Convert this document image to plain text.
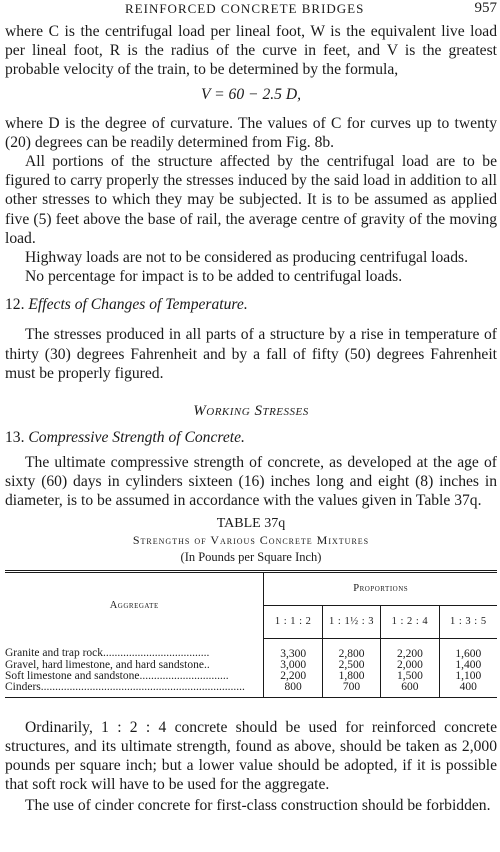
REINFORCED CONCRETE BRIDGES	957

where C is the centrifugal load per lineal foot, W is the equivalent live load per lineal foot, R is the radius of the curve in feet, and V is the greatest probable velocity of the train, to be determined by the formula,

V = 60 − 2.5 D,

where D is the degree of curvature. The values of C for curves up to twenty (20) degrees can be readily determined from Fig. 8b.

All portions of the structure affected by the centrifugal load are to be figured to carry properly the stresses induced by the said load in addition to all other stresses to which they may be subjected. It is to be assumed as applied five (5) feet above the base of rail, the average centre of gravity of the moving load.

Highway loads are not to be considered as producing centrifugal loads.

No percentage for impact is to be added to centrifugal loads.

12. Effects of Changes of Temperature.

The stresses produced in all parts of a structure by a rise in temperature of thirty (30) degrees Fahrenheit and by a fall of fifty (50) degrees Fahrenheit must be properly figured.

Working Stresses
13. Compressive Strength of Concrete.

The ultimate compressive strength of concrete, as developed at the age of sixty (60) days in cylinders sixteen (16) inches long and eight (8) inches in diameter, is to be assumed in accordance with the values given in Table 37q.

TABLE 37q
Strengths of Various Concrete Mixtures
(In Pounds per Square Inch)
Aggregate	Proportions			
	1 : 1 : 2	1 : 1½ : 3	1 : 2 : 4	1 : 3 : 5
Granite and trap rock.....................................	3,300	2,800	2,200	1,600
Gravel, hard limestone, and hard sandstone..	3,000	2,500	2,000	1,400
Soft limestone and sandstone...............................	2,200	1,800	1,500	1,100
Cinders.......................................................................	800	700	600	400

Ordinarily, 1 : 2 : 4 concrete should be used for reinforced concrete structures, and its ultimate strength, found as above, should be taken as 2,000 pounds per square inch; but a lower value should be adopted, if it is possible that soft rock will have to be used for the aggregate.

The use of cinder concrete for first-class construction should be forbidden.
